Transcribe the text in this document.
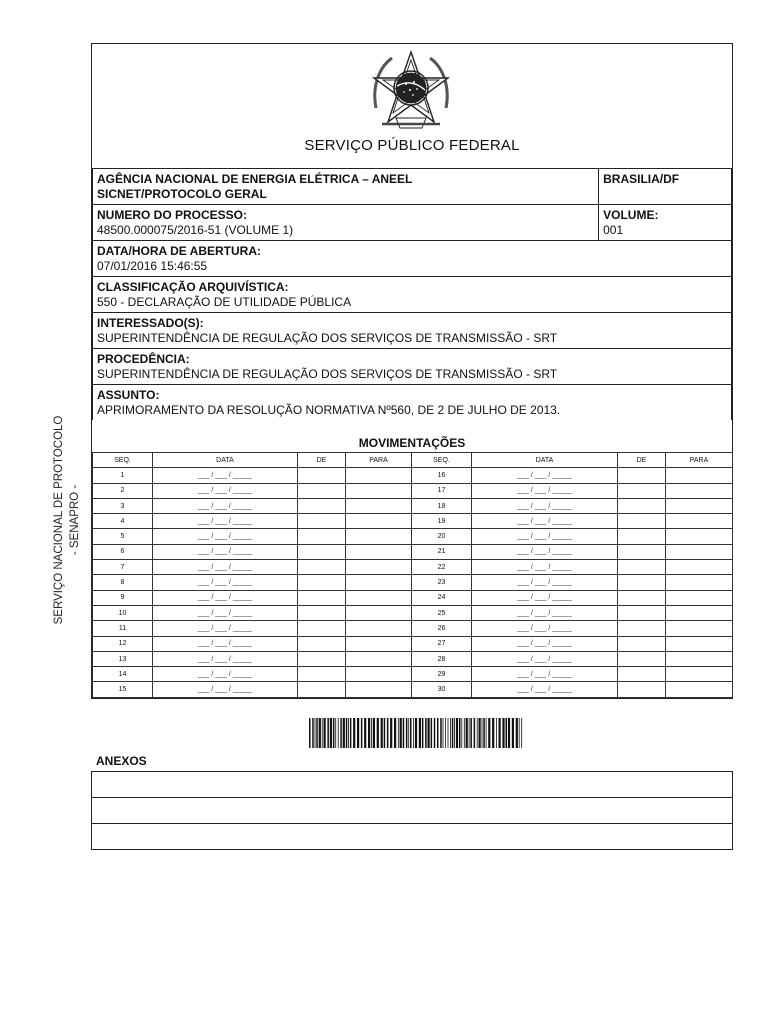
SERVIÇO PÚBLICO FEDERAL
AGÊNCIA NACIONAL DE ENERGIA ELÉTRICA – ANEEL
SICNET/PROTOCOLO GERAL	BRASILIA/DF

NUMERO DO PROCESSO:
48500.000075/2016-51 (VOLUME 1)	VOLUME:
001

DATA/HORA DE ABERTURA:
07/01/2016 15:46:55	

CLASSIFICAÇÃO ARQUIVÍSTICA:
550 - DECLARAÇÃO DE UTILIDADE PÚBLICA	

INTERESSADO(S):
SUPERINTENDÊNCIA DE REGULAÇÃO DOS SERVIÇOS DE TRANSMISSÃO - SRT	

PROCEDÊNCIA:
SUPERINTENDÊNCIA DE REGULAÇÃO DOS SERVIÇOS DE TRANSMISSÃO - SRT	

ASSUNTO:
APRIMORAMENTO DA RESOLUÇÃO NORMATIVA Nº560, DE 2 DE JULHO DE 2013.	
MOVIMENTAÇÕES
SEQ.	DATA	DE	PARA	SEQ.	DATA	DE	PARA
1	___ / ___ / _____			16	___ / ___ / _____		
2	___ / ___ / _____			17	___ / ___ / _____		
3	___ / ___ / _____			18	___ / ___ / _____		
4	___ / ___ / _____			19	___ / ___ / _____		
5	___ / ___ / _____			20	___ / ___ / _____		
6	___ / ___ / _____			21	___ / ___ / _____		
7	___ / ___ / _____			22	___ / ___ / _____		
8	___ / ___ / _____			23	___ / ___ / _____		
9	___ / ___ / _____			24	___ / ___ / _____		
10	___ / ___ / _____			25	___ / ___ / _____		
11	___ / ___ / _____			26	___ / ___ / _____		
12	___ / ___ / _____			27	___ / ___ / _____		
13	___ / ___ / _____			28	___ / ___ / _____		
14	___ / ___ / _____			29	___ / ___ / _____		
15	___ / ___ / _____			30	___ / ___ / _____		
SERVIÇO NACIONAL DE PROTOCOLO - SENAPRO -
ANEXOS
